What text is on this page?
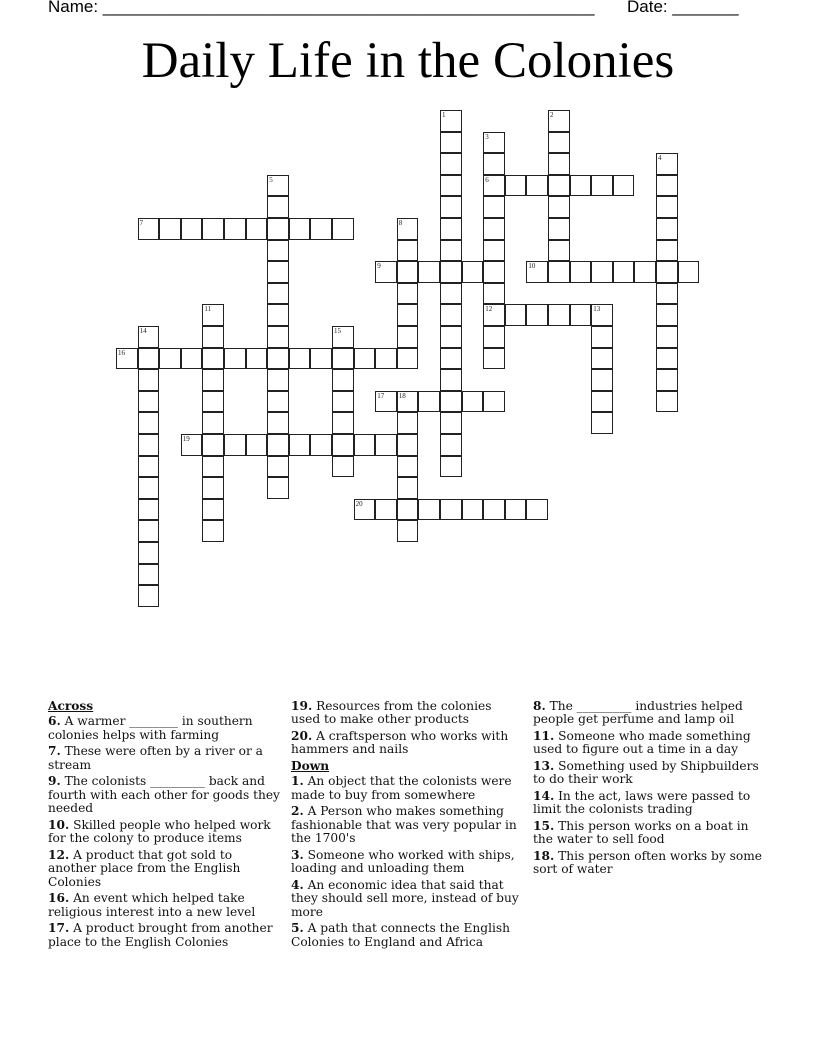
Name: ____________________________________________________ Date: _______
Daily Life in the Colonies
1	2
3
6
12
4
5
7	8
9	10
11	13
14	15
16
17 18
19
20
Across
6. A warmer ________ in southern colonies helps with farming
7. These were often by a river or a stream
9. The colonists _________ back and fourth with each other for goods they needed
10. Skilled people who helped work for the colony to produce items
12. A product that got sold to another place from the English Colonies
16. An event which helped take religious interest into a new level
17. A product brought from another place to the English Colonies
19. Resources from the colonies used to make other products
20. A craftsperson who works with hammers and nails
Down
1. An object that the colonists were made to buy from somewhere
2. A Person who makes something fashionable that was very popular in the 1700's
3. Someone who worked with ships, loading and unloading them
4. An economic idea that said that they should sell more, instead of buy more
5. A path that connects the English Colonies to England and Africa
8. The _________ industries helped people get perfume and lamp oil
11. Someone who made something used to figure out a time in a day
13. Something used by Shipbuilders to do their work
14. In the act, laws were passed to limit the colonists trading
15. This person works on a boat in the water to sell food
18. This person often works by some sort of water
